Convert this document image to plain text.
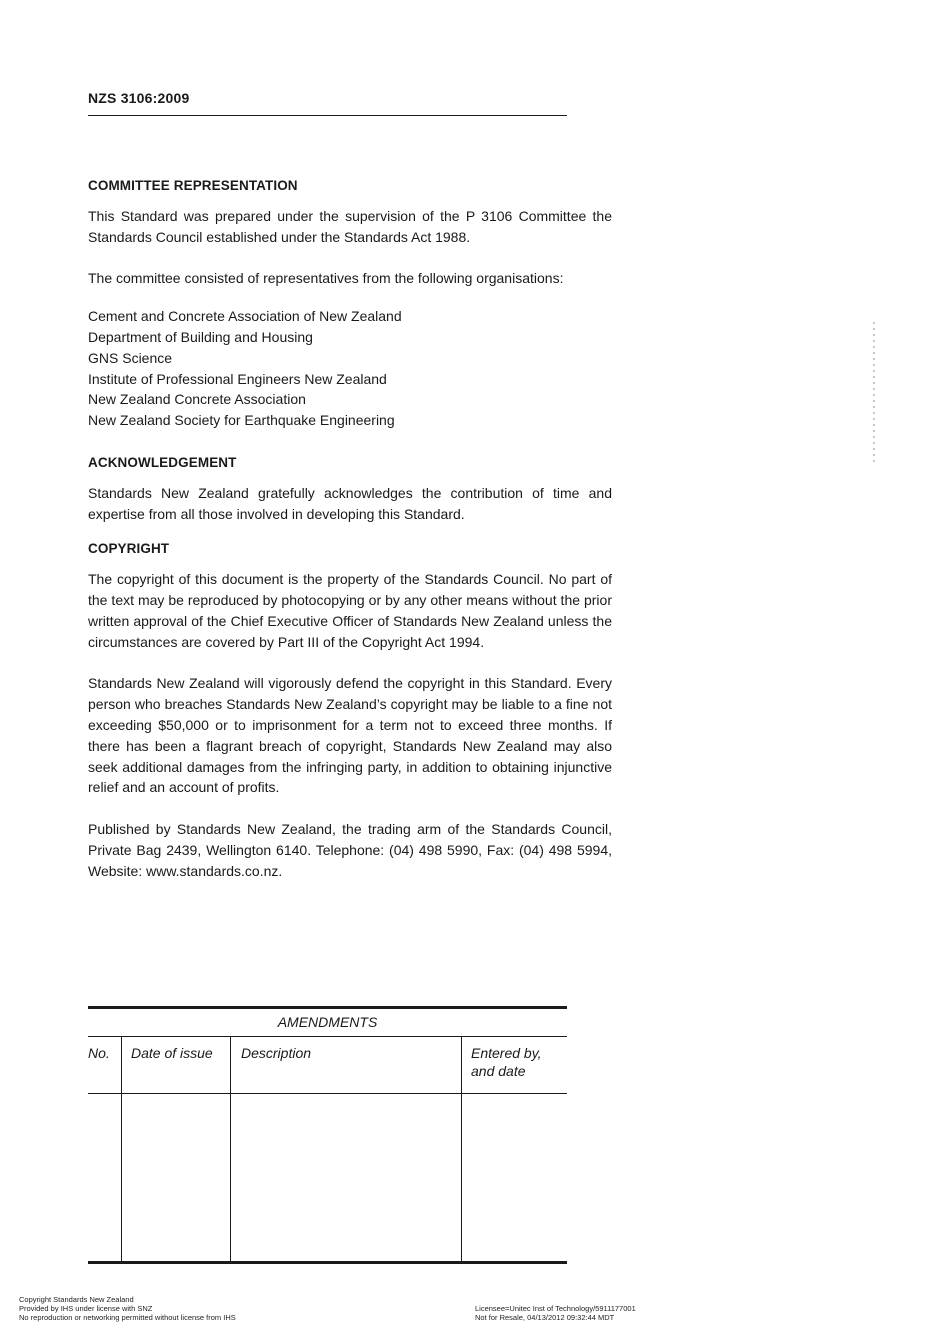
NZS 3106:2009
COMMITTEE REPRESENTATION

This Standard was prepared under the supervision of the P 3106 Committee the Standards Council established under the Standards Act 1988.

The committee consisted of representatives from the following organisations:

Cement and Concrete Association of New Zealand
Department of Building and Housing
GNS Science
Institute of Professional Engineers New Zealand
New Zealand Concrete Association
New Zealand Society for Earthquake Engineering
ACKNOWLEDGEMENT

Standards New Zealand gratefully acknowledges the contribution of time and expertise from all those involved in developing this Standard.

COPYRIGHT

The copyright of this document is the property of the Standards Council. No part of the text may be reproduced by photocopying or by any other means without the prior written approval of the Chief Executive Officer of Standards New Zealand unless the circumstances are covered by Part III of the Copyright Act 1994.

Standards New Zealand will vigorously defend the copyright in this Standard. Every person who breaches Standards New Zealand’s copyright may be liable to a fine not exceeding $50,000 or to imprisonment for a term not to exceed three months. If there has been a flagrant breach of copyright, Standards New Zealand may also seek additional damages from the infringing party, in addition to obtaining injunctive relief and an account of profits.

Published by Standards New Zealand, the trading arm of the Standards Council, Private Bag 2439, Wellington 6140. Telephone: (04) 498 5990, Fax: (04) 498 5994, Website: www.standards.co.nz.

AMENDMENTS
No. Date of issue Description	Entered by, and date
Copyright Standards New Zealand
Provided by IHS under license with SNZ
No reproduction or networking permitted without license from IHS
Licensee=Unitec Inst of Technology/5911177001
Not for Resale, 04/13/2012 09:32:44 MDT
